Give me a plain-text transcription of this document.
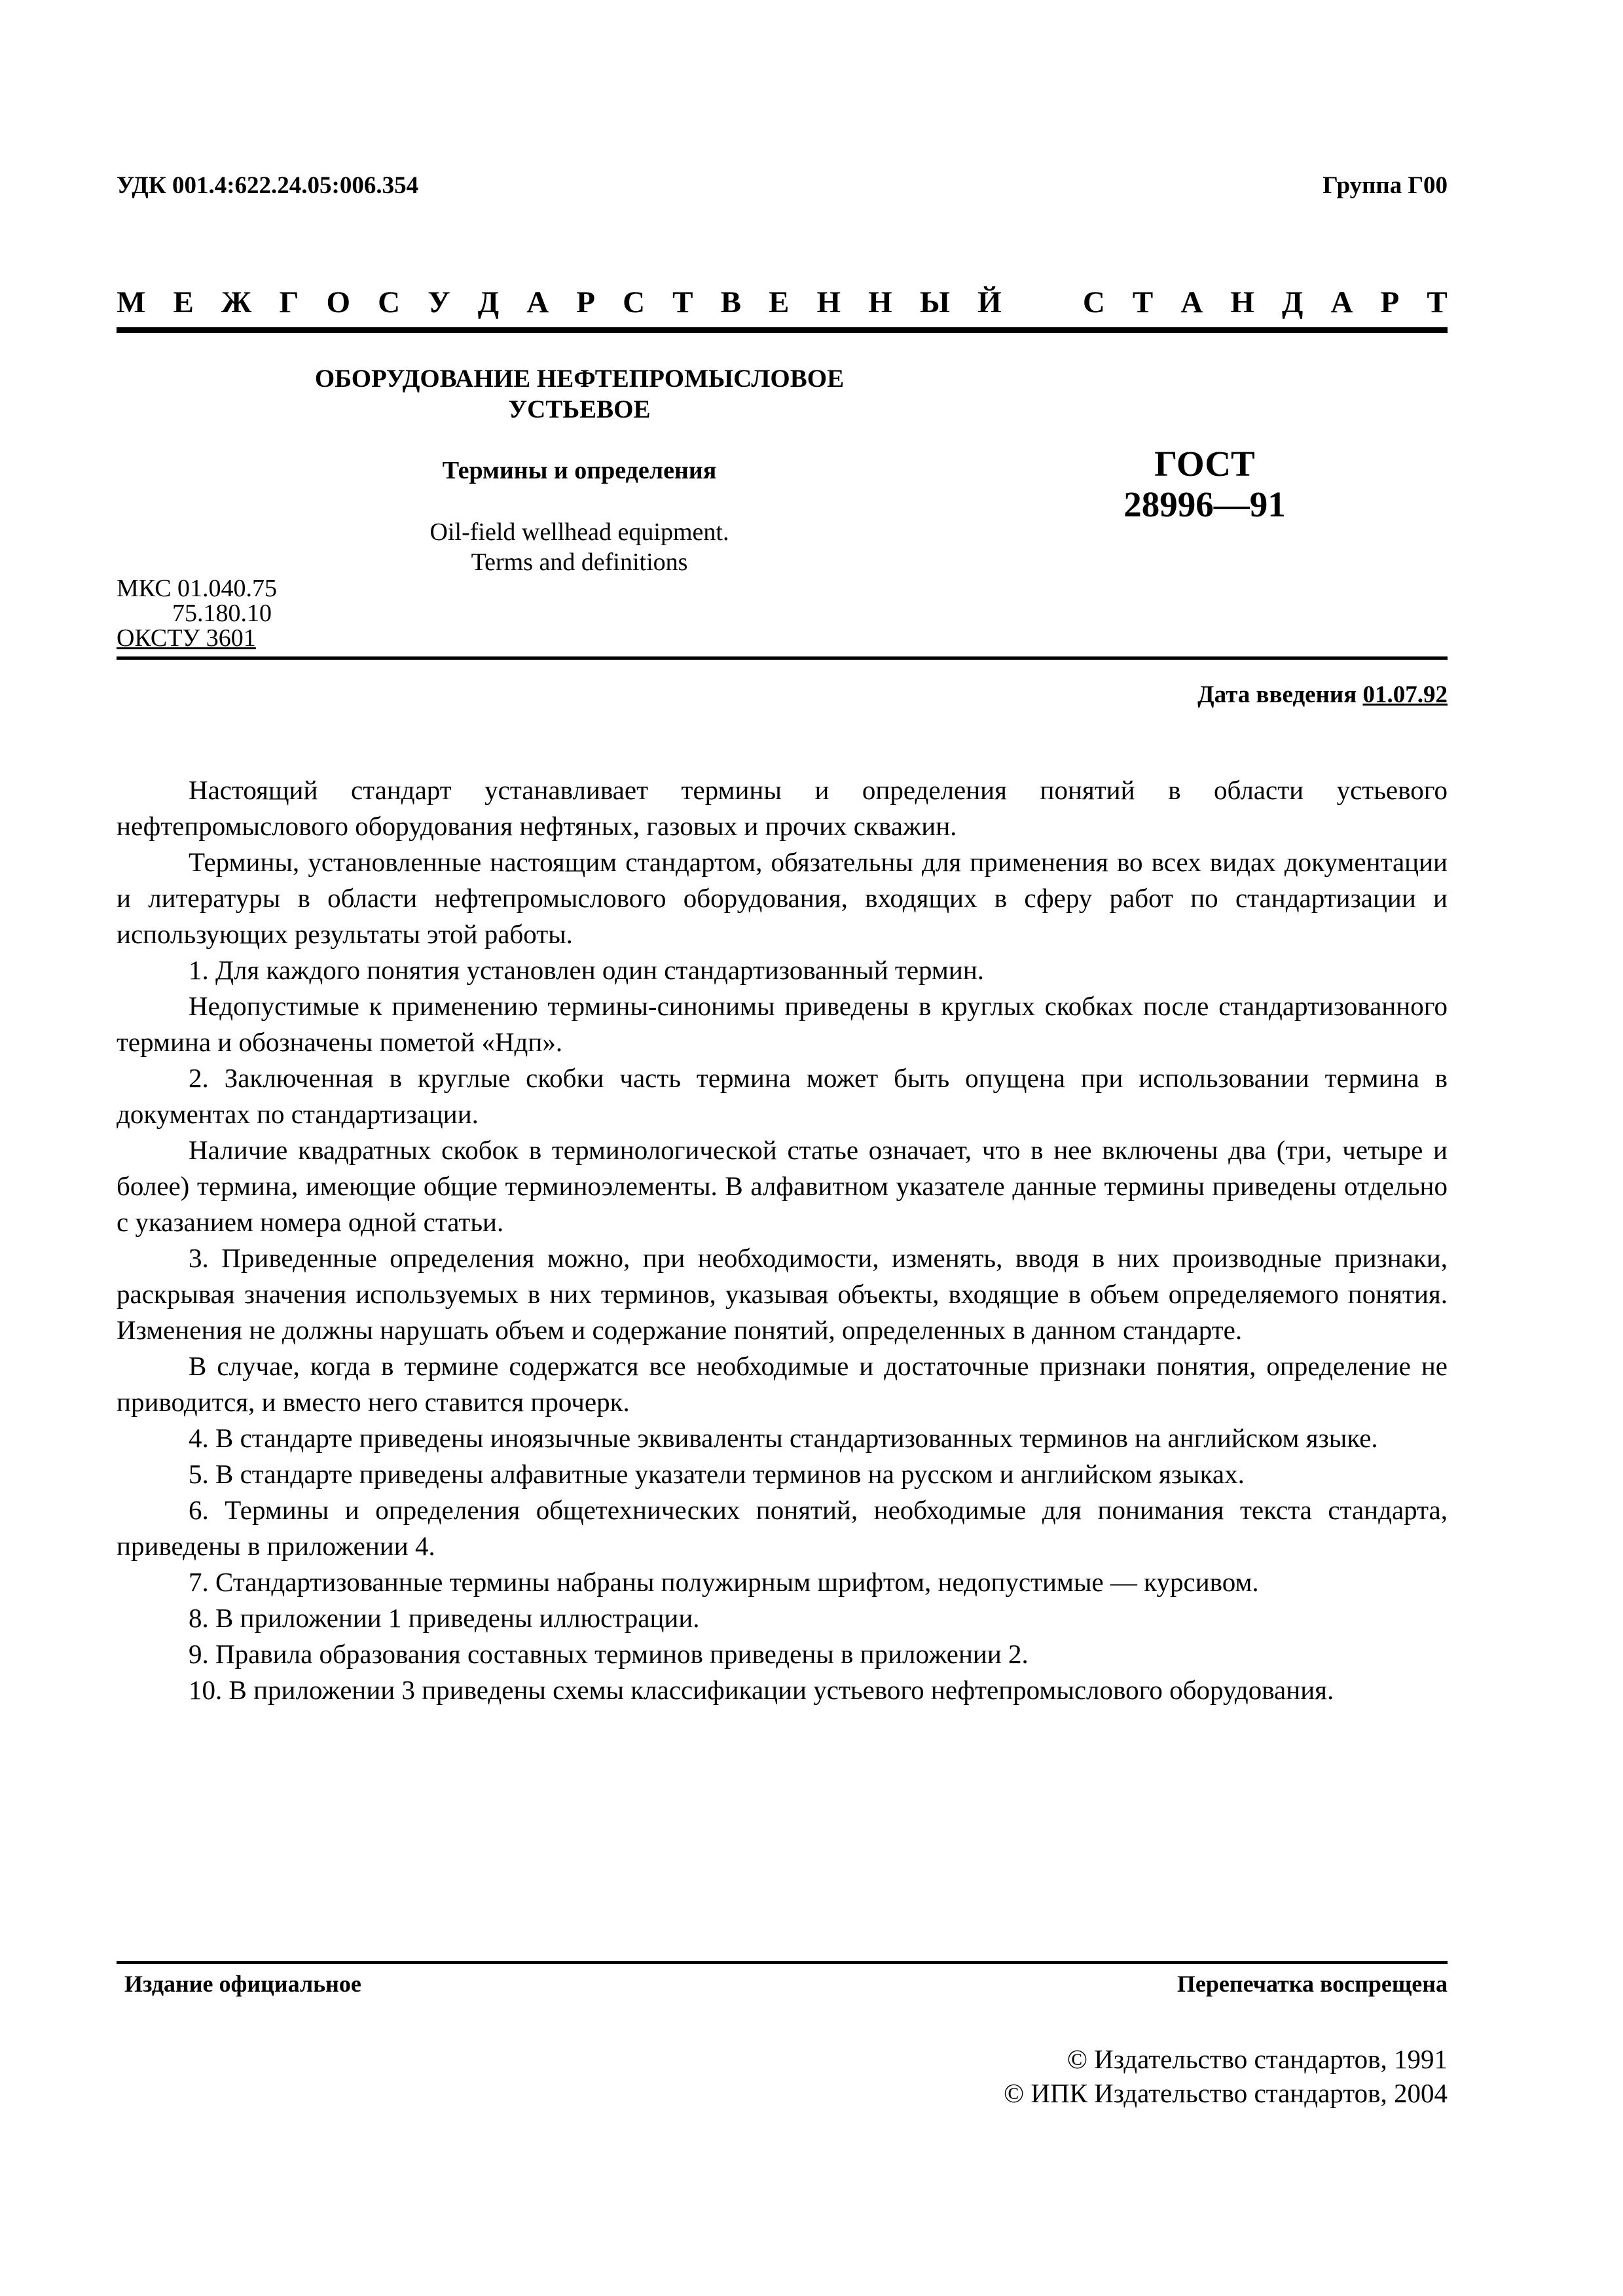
УДК 001.4:622.24.05:006.354	Группа Г00
М Е Ж Г О С У Д А Р С Т В Е Н Н Ы Й	С Т А Н Д А Р Т
ОБОРУДОВАНИЕ НЕФТЕПРОМЫСЛОВОЕ
УСТЬЕВОЕ
Термины и определения
Oil-field wellhead equipment.
Terms and definitions
ГОСТ
28996—91
МКС 01.040.75
75.180.10
ОКСТУ 3601
Дата введения 01.07.92

Настоящий стандарт устанавливает термины и определения понятий в области устьевого нефтепромыслового оборудования нефтяных, газовых и прочих скважин.

Термины, установленные настоящим стандартом, обязательны для применения во всех видах документации и литературы в области нефтепромыслового оборудования, входящих в сферу работ по стандартизации и использующих результаты этой работы.

1. Для каждого понятия установлен один стандартизованный термин.

Недопустимые к применению термины-синонимы приведены в круглых скобках после стандартизованного термина и обозначены пометой «Ндп».

2. Заключенная в круглые скобки часть термина может быть опущена при использовании термина в документах по стандартизации.

Наличие квадратных скобок в терминологической статье означает, что в нее включены два (три, четыре и более) термина, имеющие общие терминоэлементы. В алфавитном указателе данные термины приведены отдельно с указанием номера одной статьи.

3. Приведенные определения можно, при необходимости, изменять, вводя в них производные признаки, раскрывая значения используемых в них терминов, указывая объекты, входящие в объем определяемого понятия. Изменения не должны нарушать объем и содержание понятий, определенных в данном стандарте.

В случае, когда в термине содержатся все необходимые и достаточные признаки понятия, определение не приводится, и вместо него ставится прочерк.

4. В стандарте приведены иноязычные эквиваленты стандартизованных терминов на английском языке.

5. В стандарте приведены алфавитные указатели терминов на русском и английском языках.

6. Термины и определения общетехнических понятий, необходимые для понимания текста стандарта, приведены в приложении 4.

7. Стандартизованные термины набраны полужирным шрифтом, недопустимые — курсивом.

8. В приложении 1 приведены иллюстрации.

9. Правила образования составных терминов приведены в приложении 2.

10. В приложении 3 приведены схемы классификации устьевого нефтепромыслового оборудования.

Издание официальное	Перепечатка воспрещена
© Издательство стандартов, 1991
© ИПК Издательство стандартов, 2004
